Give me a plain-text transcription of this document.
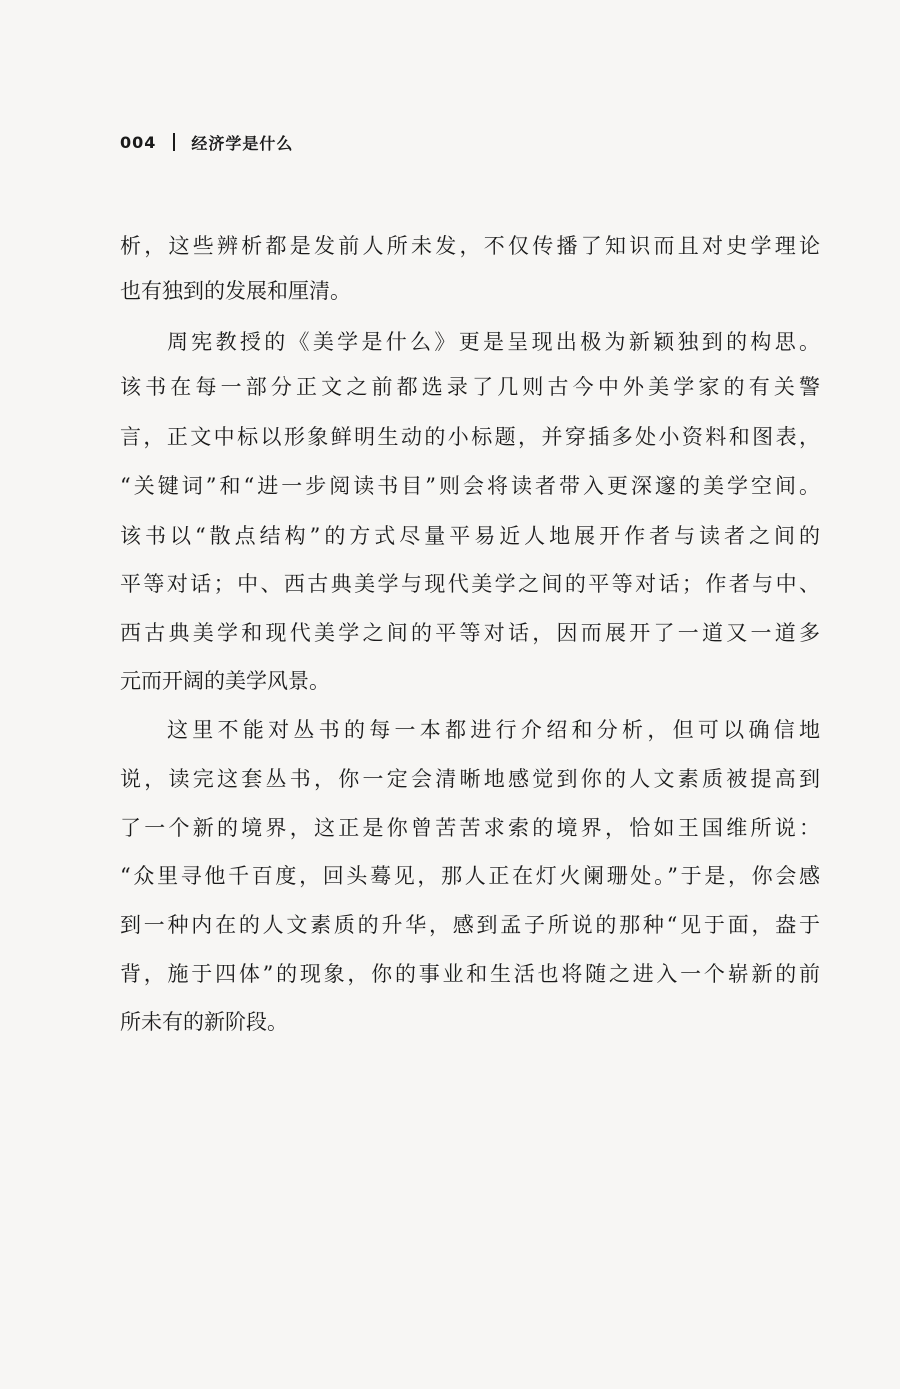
004 经济学是什么
析，这些辨析都是发前人所未发，不仅传播了知识而且对史学理论
也有独到的发展和厘清。
周宪教授的《美学是什么》更是呈现出极为新颖独到的构思。
该书在每一部分正文之前都选录了几则古今中外美学家的有关警
言，正文中标以形象鲜明生动的小标题，并穿插多处小资料和图表，
“关键词”和“进一步阅读书目”则会将读者带入更深邃的美学空间。
该书以“散点结构”的方式尽量平易近人地展开作者与读者之间的
平等对话；中、西古典美学与现代美学之间的平等对话；作者与中、
西古典美学和现代美学之间的平等对话，因而展开了一道又一道多
元而开阔的美学风景。
这里不能对丛书的每一本都进行介绍和分析，但可以确信地
说，读完这套丛书，你一定会清晰地感觉到你的人文素质被提高到
了一个新的境界，这正是你曾苦苦求索的境界，恰如王国维所说：
“众里寻他千百度，回头蓦见，那人正在灯火阑珊处。”于是，你会感
到一种内在的人文素质的升华，感到孟子所说的那种“见于面，盎于
背，施于四体”的现象，你的事业和生活也将随之进入一个崭新的前
所未有的新阶段。
